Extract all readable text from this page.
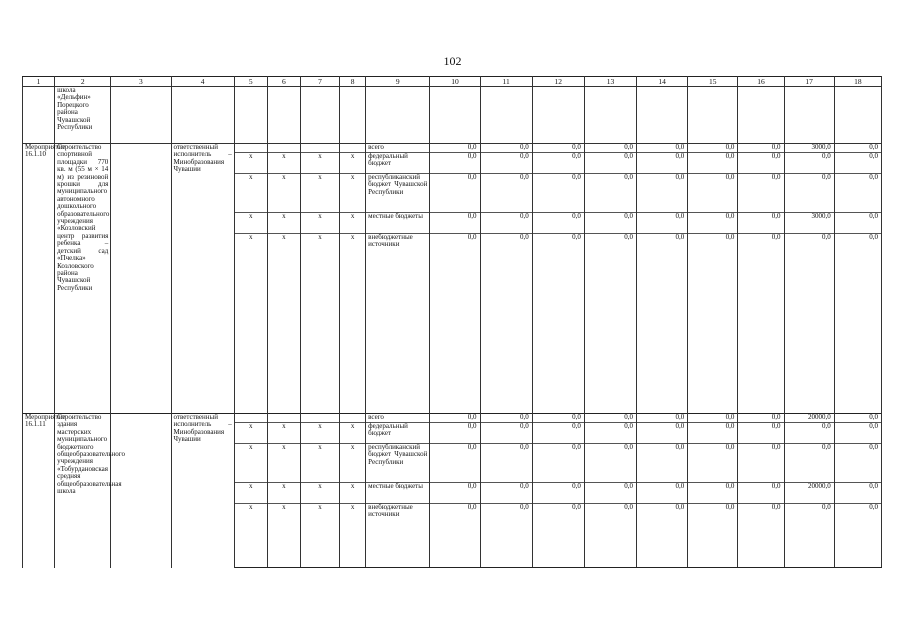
102
1	2	3	4	5	6	7	8	9	10	11	12	13	14	15	16	17	18
	школа «Дельфин» Порецкого района Чувашской Республики																
Мероприятие 16.1.10	Строительство спортивной площадки 770 кв. м (55 м × 14 м) из резиновой крошки для муниципального автономного дошкольного образовательного учреждения «Козловский центр развития ребенка – детский сад «Пчелка» Козловского района Чувашской Республики		ответственный исполнитель – Минобразования Чувашии					всего	0,0	0,0	0,0	0,0	0,0	0,0	0,0	3000,0	0,0
				x	x	x	x	федеральный бюджет	0,0	0,0	0,0	0,0	0,0	0,0	0,0	0,0	0,0
				x	x	x	x	республиканский бюджет Чувашской Республики	0,0	0,0	0,0	0,0	0,0	0,0	0,0	0,0	0,0
				x	x	x	x	местные бюджеты	0,0	0,0	0,0	0,0	0,0	0,0	0,0	3000,0	0,0
				x	x	x	x	внебюджетные источники	0,0	0,0	0,0	0,0	0,0	0,0	0,0	0,0	0,0
Мероприятие 16.1.11	Строительство здания мастерских муниципального бюджетного общеобразовательного учреждения «Тобурдановская средняя общеобразовательная школа		ответственный исполнитель – Минобразования Чувашии					всего	0,0	0,0	0,0	0,0	0,0	0,0	0,0	20000,0	0,0
				x	x	x	x	федеральный бюджет	0,0	0,0	0,0	0,0	0,0	0,0	0,0	0,0	0,0
				x	x	x	x	республиканский бюджет Чувашской Республики	0,0	0,0	0,0	0,0	0,0	0,0	0,0	0,0	0,0
				x	x	x	x	местные бюджеты	0,0	0,0	0,0	0,0	0,0	0,0	0,0	20000,0	0,0
				x	x	x	x	внебюджетные источники	0,0	0,0	0,0	0,0	0,0	0,0	0,0	0,0	0,0
